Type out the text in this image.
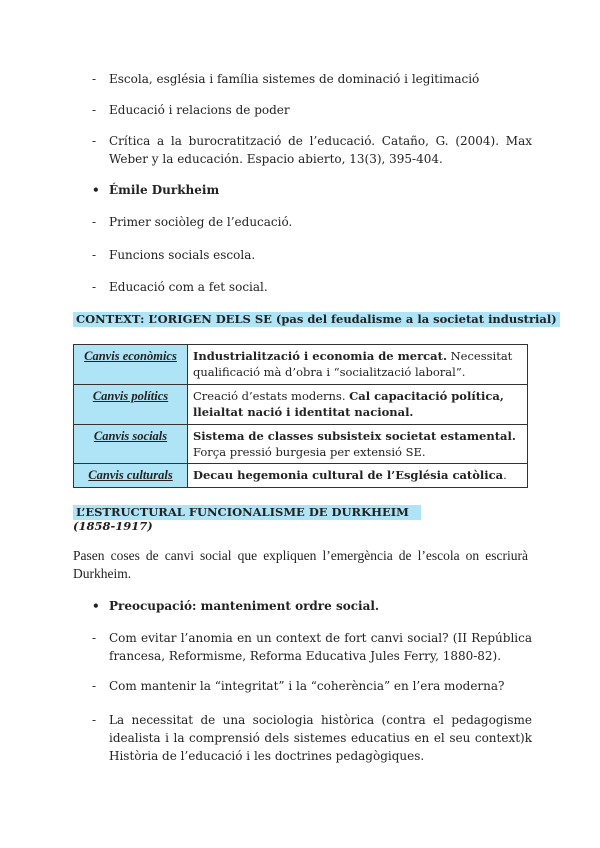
-	Escola, església i família sistemes de dominació i legitimació
-	Educació i relacions de poder
-	Crítica a la burocratització de l’educació. Cataño, G. (2004). Max Weber y la educación. Espacio abierto, 13(3), 395-404.
• Émile Durkheim
-	Primer sociòleg de l’educació.
-	Funcions socials escola.
-	Educació com a fet social.
CONTEXT: L’ORIGEN DELS SE (pas del feudalisme a la societat industrial)
Canvis econòmics	Industrialització i economia de mercat. Necessitat qualificació mà d’obra i “socialització laboral”.
Canvis polítics	Creació d’estats moderns. Cal capacitació política, lleialtat nació i identitat nacional.
Canvis socials	Sistema de classes subsisteix societat estamental. Força pressió burgesia per extensió SE.
Canvis culturals	Decau hegemonia cultural de l’Església catòlica.
L’ESTRUCTURAL FUNCIONALISME DE DURKHEIM
(1858-1917)
Pasen coses de canvi social que expliquen l’emergència de l’escola on escriurà Durkheim.
• Preocupació: manteniment ordre social.
-	Com evitar l’anomia en un context de fort canvi social? (II República francesa, Reformisme, Reforma Educativa Jules Ferry, 1880-82).
-	Com mantenir la “integritat” i la “coherència” en l’era moderna?
-	La necessitat de una sociologia històrica (contra el pedagogisme idealista i la comprensió dels sistemes educatius en el seu context)k Història de l’educació i les doctrines pedagògiques.
